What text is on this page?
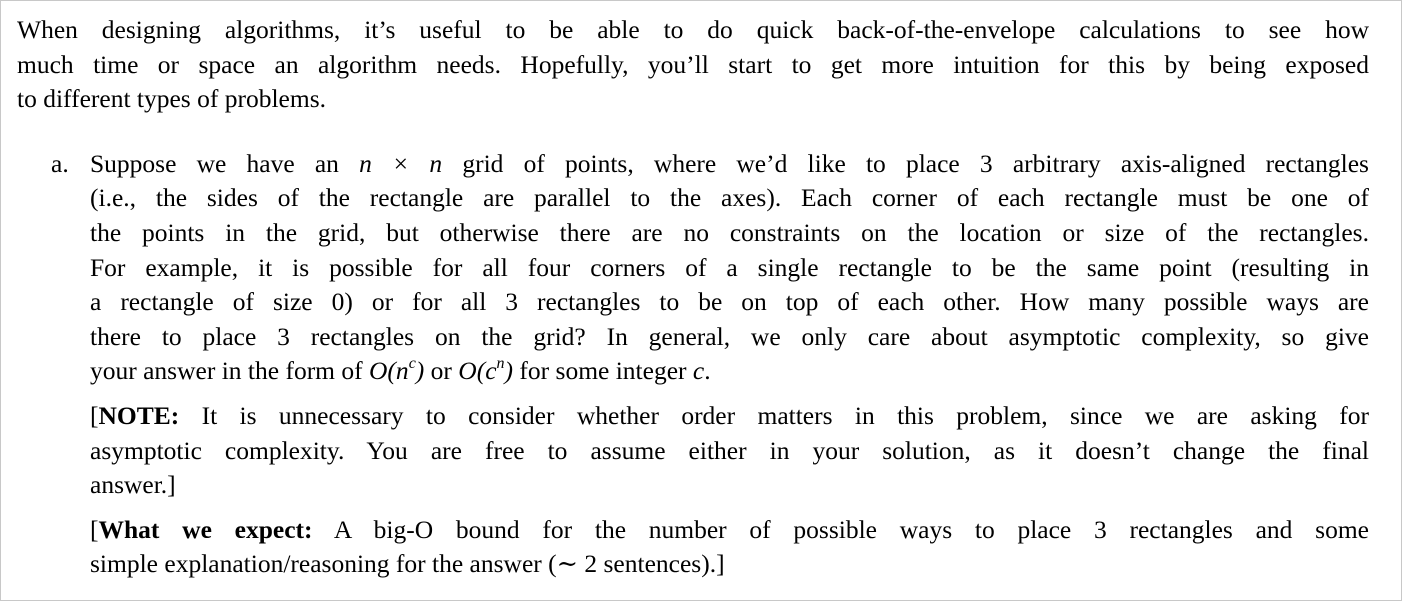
When designing algorithms, it’s useful to be able to do quick back-of-the-envelope calculations to see how
much time or space an algorithm needs. Hopefully, you’ll start to get more intuition for this by being exposed
to different types of problems.
a. Suppose we have an n × n grid of points, where we’d like to place 3 arbitrary axis-aligned rectangles
(i.e., the sides of the rectangle are parallel to the axes). Each corner of each rectangle must be one of
the points in the grid, but otherwise there are no constraints on the location or size of the rectangles.
For example, it is possible for all four corners of a single rectangle to be the same point (resulting in
a rectangle of size 0) or for all 3 rectangles to be on top of each other. How many possible ways are
there to place 3 rectangles on the grid? In general, we only care about asymptotic complexity, so give
your answer in the form of $O(n^c)$ or $O(c^n)$ for some integer c.
[NOTE: It is unnecessary to consider whether order matters in this problem, since we are asking for
asymptotic complexity. You are free to assume either in your solution, as it doesn’t change the final
answer.]
[What we expect: A big-O bound for the number of possible ways to place 3 rectangles and some
simple explanation/reasoning for the answer (∼ 2 sentences).]
